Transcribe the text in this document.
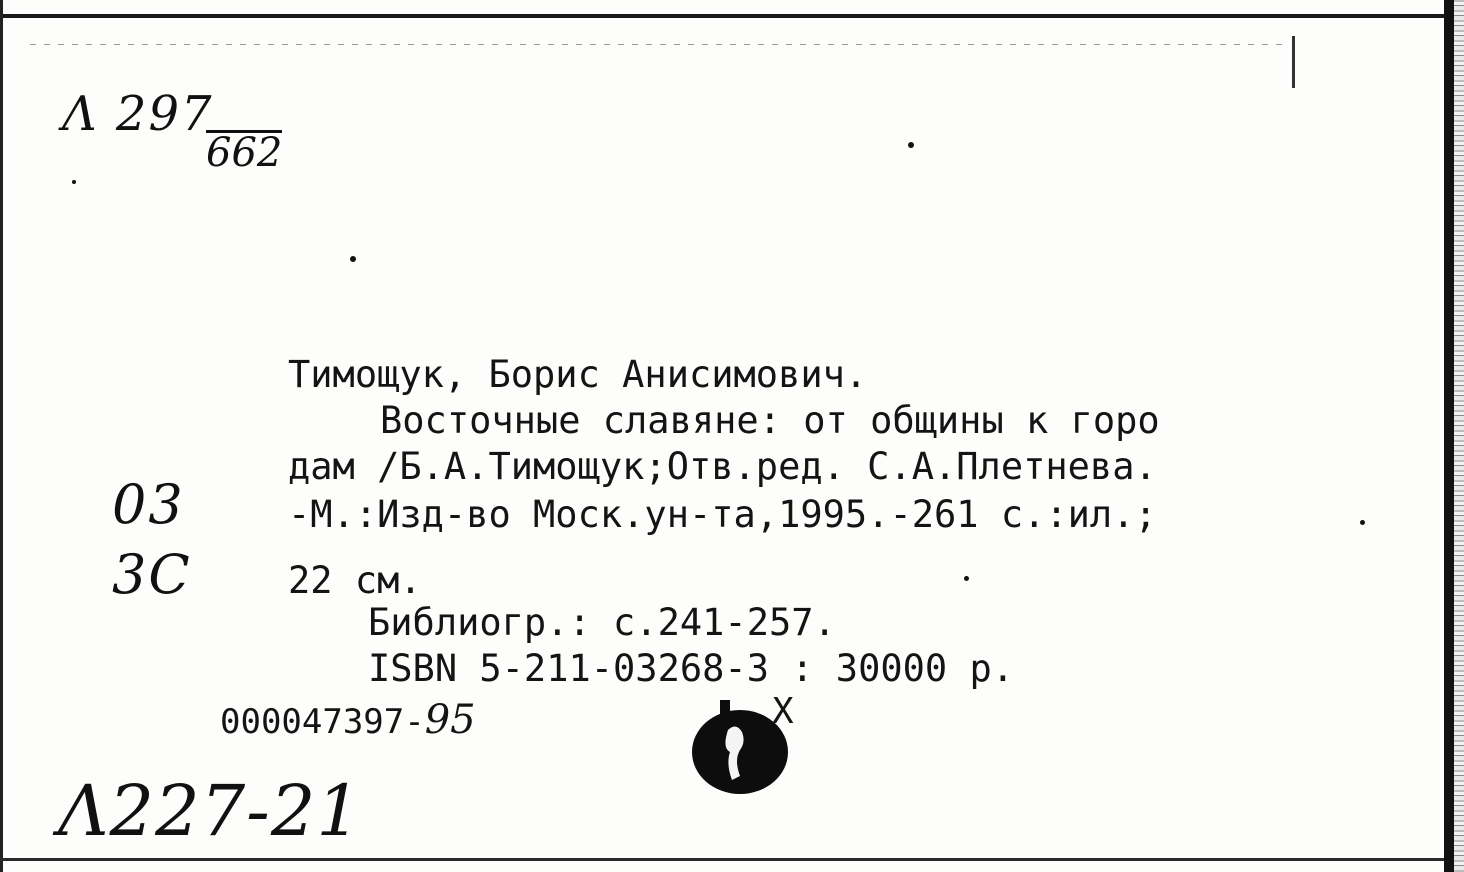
Λ 297
662
03
3C
Тимощук, Борис Анисимович.
Восточные славяне: от общины к горо
дам /Б.А.Тимощук;Отв.ред. С.А.Плетнева.
-М.:Изд-во Моск.ун-та,1995.-261 с.:ил.;
22 см.
Библиогр.: с.241-257.
ISBN 5-211-03268-3 : 30000 р.
000047397-95	Х
Λ227-21
